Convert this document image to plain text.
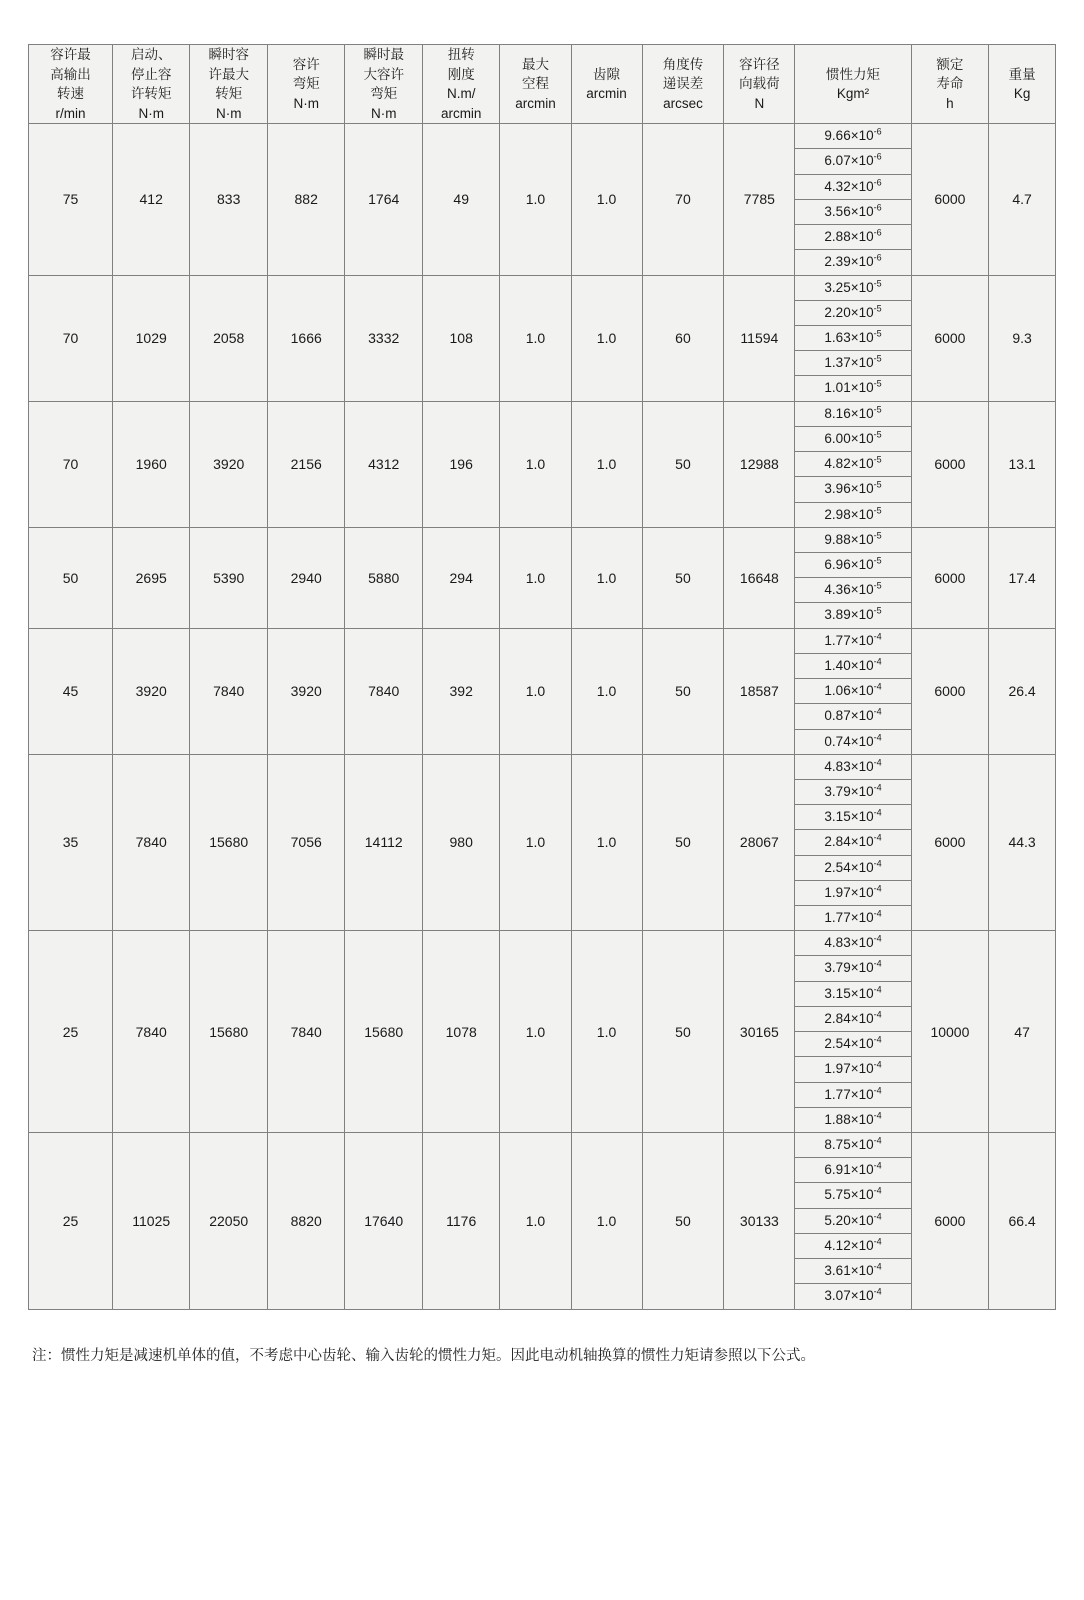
容许最
高输出
转速
r/min	启动、
停止容
许转矩
N·m	瞬时容
许最大
转矩
N·m	容许
弯矩
N·m	瞬时最
大容许
弯矩
N·m	扭转
刚度
N.m/
arcmin	最大
空程
arcmin	齿隙
arcmin	角度传
递误差
arcsec	容许径
向载荷
N	惯性力矩
Kgm²	额定
寿命
h	重量
Kg

75	412	833	882	1764	49	1.0	1.0	70	7785	
$9.66\times 10^{-6}$
$6.07\times 10^{-6}$
$4.32\times 10^{-6}$
$3.56\times 10^{-6}$
$2.88\times 10^{-6}$
$2.39\times 10^{-6}$
	6000	4.7
70	1029	2058	1666	3332	108	1.0	1.0	60	11594	$3.25\times 10^{-5}$
$2.20\times 10^{-5}$
$1.63\times 10^{-5}$
$1.37\times 10^{-5}$
$1.01\times 10^{-5}$	6000	9.3
70	1960	3920	2156	4312	196	1.0	1.0	50	12988	$8.16\times 10^{-5}$
$6.00\times 10^{-5}$
$4.82\times 10^{-5}$
$3.96\times 10^{-5}$
$2.98\times 10^{-5}$	6000	13.1
50	2695	5390	2940	5880	294	1.0	1.0	50	16648	$9.88\times 10^{-5}$
$6.96\times 10^{-5}$
$4.36\times 10^{-5}$
$3.89\times 10^{-5}$	6000	17.4
45	3920	7840	3920	7840	392	1.0	1.0	50	18587	$1.77\times 10^{-4}$
$1.40\times 10^{-4}$
$1.06\times 10^{-4}$
$0.87\times 10^{-4}$
$0.74\times 10^{-4}$	6000	26.4
35	7840	15680	7056	14112	980	1.0	1.0	50	28067	
$4.83\times 10^{-4}$
$3.79\times 10^{-4}$
$3.15\times 10^{-4}$
$2.84\times 10^{-4}$
$2.54\times 10^{-4}$
$1.97\times 10^{-4}$
$1.77\times 10^{-4}$
	6000	44.3
25	7840	15680	7840	15680	1078	1.0	1.0	50	30165	
$4.83\times 10^{-4}$
$3.79\times 10^{-4}$
$3.15\times 10^{-4}$
$2.84\times 10^{-4}$
$2.54\times 10^{-4}$
$1.97\times 10^{-4}$
$1.77\times 10^{-4}$
$1.88\times 10^{-4}$
	10000	47
25	11025	22050	8820	17640	1176	1.0	1.0	50	30133	
$8.75\times 10^{-4}$
$6.91\times 10^{-4}$
$5.75\times 10^{-4}$
$5.20\times 10^{-4}$
$4.12\times 10^{-4}$
$3.61\times 10^{-4}$
$3.07\times 10^{-4}$
	6000	66.4
注：惯性力矩是减速机单体的值，不考虑中心齿轮、输入齿轮的惯性力矩。因此电动机轴换算的惯性力矩请参照以下公式。
